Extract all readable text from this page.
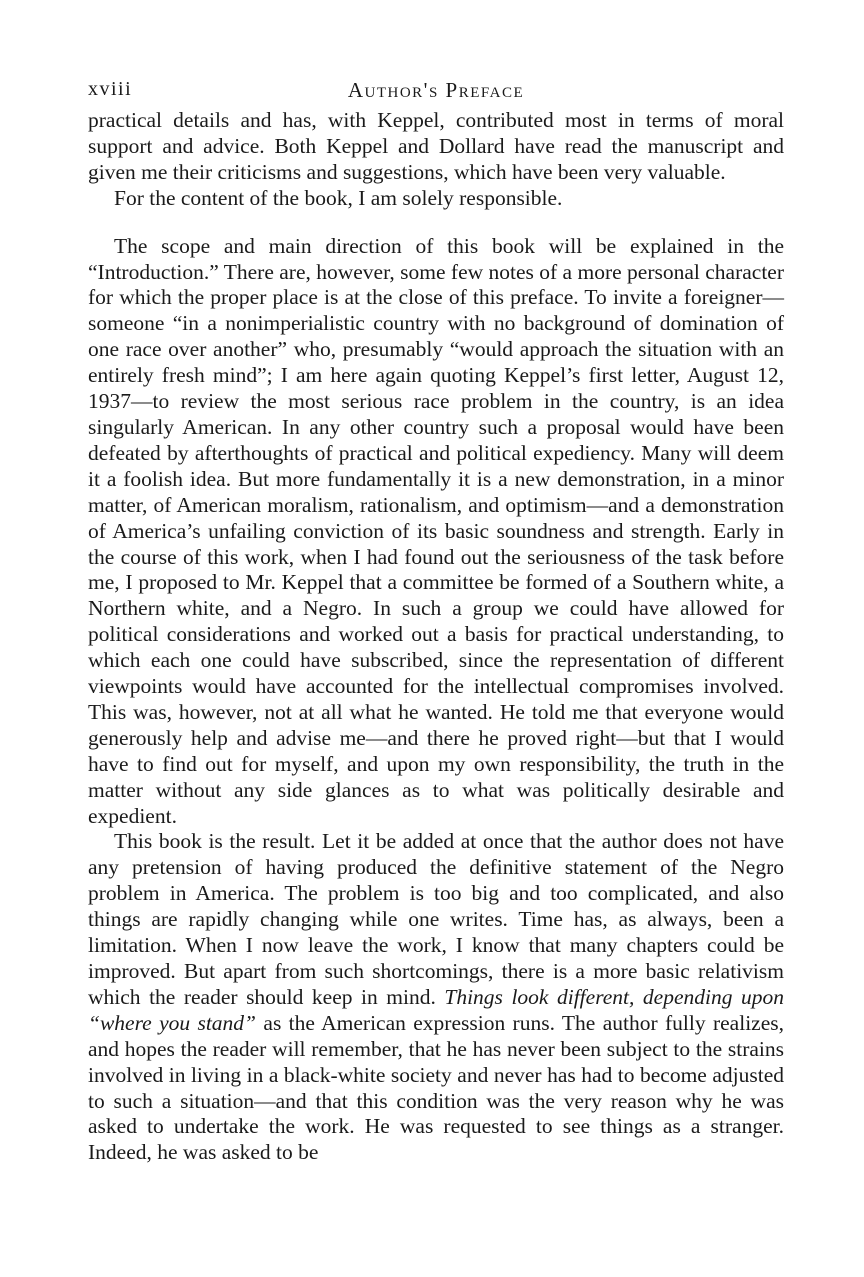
xviii	Author's Preface

practical details and has, with Keppel, contributed most in terms of moral support and advice. Both Keppel and Dollard have read the manuscript and given me their criticisms and suggestions, which have been very valuable.

For the content of the book, I am solely responsible.

The scope and main direction of this book will be explained in the “Introduction.” There are, however, some few notes of a more personal character for which the proper place is at the close of this preface. To invite a foreigner—someone “in a nonimperialistic country with no background of domination of one race over another” who, presumably “would approach the situation with an entirely fresh mind”; I am here again quoting Keppel’s first letter, August 12, 1937—to review the most serious race problem in the country, is an idea singularly American. In any other country such a proposal would have been defeated by afterthoughts of practical and political expediency. Many will deem it a foolish idea. But more fundamentally it is a new demonstration, in a minor matter, of American moralism, rationalism, and optimism—and a demonstration of America’s unfailing conviction of its basic soundness and strength. Early in the course of this work, when I had found out the seriousness of the task before me, I proposed to Mr. Keppel that a committee be formed of a Southern white, a Northern white, and a Negro. In such a group we could have allowed for political considerations and worked out a basis for practical understanding, to which each one could have subscribed, since the representation of different viewpoints would have accounted for the intellectual compromises involved. This was, however, not at all what he wanted. He told me that everyone would generously help and advise me—and there he proved right—but that I would have to find out for myself, and upon my own responsibility, the truth in the matter without any side glances as to what was politically desirable and expedient.

This book is the result. Let it be added at once that the author does not have any pretension of having produced the definitive statement of the Negro problem in America. The problem is too big and too complicated, and also things are rapidly changing while one writes. Time has, as always, been a limitation. When I now leave the work, I know that many chapters could be improved. But apart from such shortcomings, there is a more basic relativism which the reader should keep in mind. Things look different, depending upon “where you stand” as the American expression runs. The author fully realizes, and hopes the reader will remember, that he has never been subject to the strains involved in living in a black-white society and never has had to become adjusted to such a situation—and that this condition was the very reason why he was asked to undertake the work. He was requested to see things as a stranger. Indeed, he was asked to be
